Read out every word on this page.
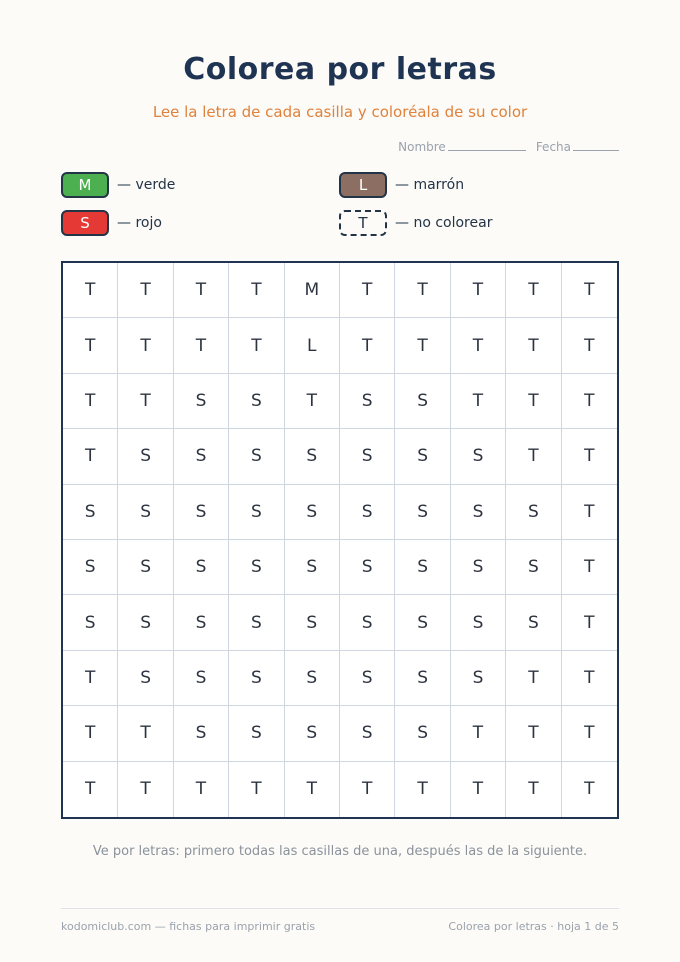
Colorea por letras
Lee la letra de cada casilla y coloréala de su color
Nombre	Fecha
M — verde	L — marrón
S — rojo	T — no colorear
T	T	T	T	M	T	T	T	T	T
T	T	T	T	L	T	T	T	T	T
T	T	S	S	T	S	S	T	T	T
T	S	S	S	S	S	S	S	T	T
S	S	S	S	S	S	S	S	S	T
S	S	S	S	S	S	S	S	S	T
S	S	S	S	S	S	S	S	S	T
T	S	S	S	S	S	S	S	T	T
T	T	S	S	S	S	S	T	T	T
T	T	T	T	T	T	T	T	T	T
Ve por letras: primero todas las casillas de una, después las de la siguiente.
kodomiclub.com — fichas para imprimir gratis	Colorea por letras · hoja 1 de 5
